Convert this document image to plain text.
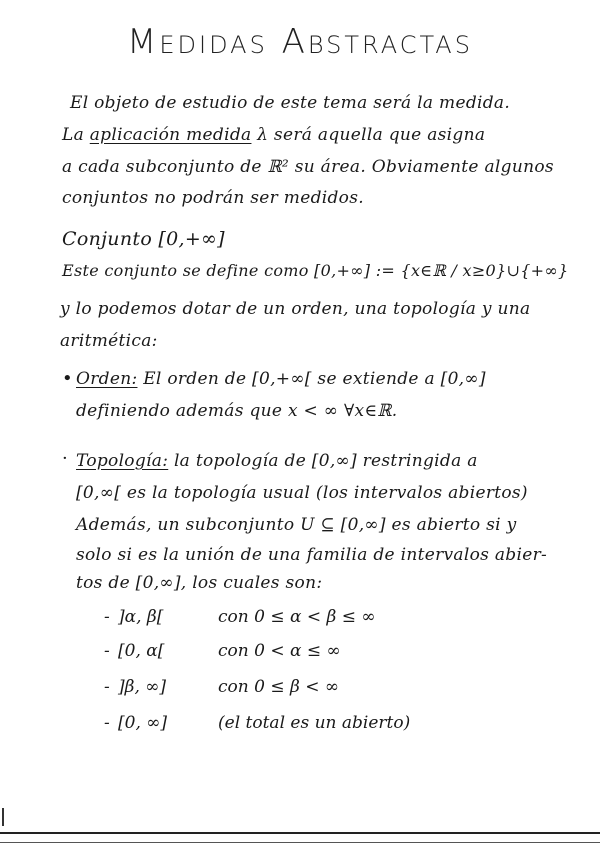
Medidas Abstractas
El objeto de estudio de este tema será la medida.
La aplicación medida λ será aquella que asigna
a cada subconjunto de ℝ² su área. Obviamente algunos
conjuntos no podrán ser medidos.
Conjunto [0,+∞]
Este conjunto se define como [0,+∞] := {x∈ℝ / x≥0}∪{+∞}
y lo podemos dotar de un orden, una topología y una
aritmética:
• Orden: El orden de [0,+∞[ se extiende a [0,∞]
definiendo además que x < ∞ ∀x∈ℝ.
· Topología: la topología de [0,∞] restringida a
[0,∞[ es la topología usual (los intervalos abiertos)
Además, un subconjunto U ⊆ [0,∞] es abierto si y
solo si es la unión de una familia de intervalos abier-
tos de [0,∞], los cuales son:
- ]α, β[	con 0 ≤ α < β ≤ ∞
- [0, α[	con 0 < α ≤ ∞
- ]β, ∞]	con 0 ≤ β < ∞
- [0, ∞]	(el total es un abierto)
